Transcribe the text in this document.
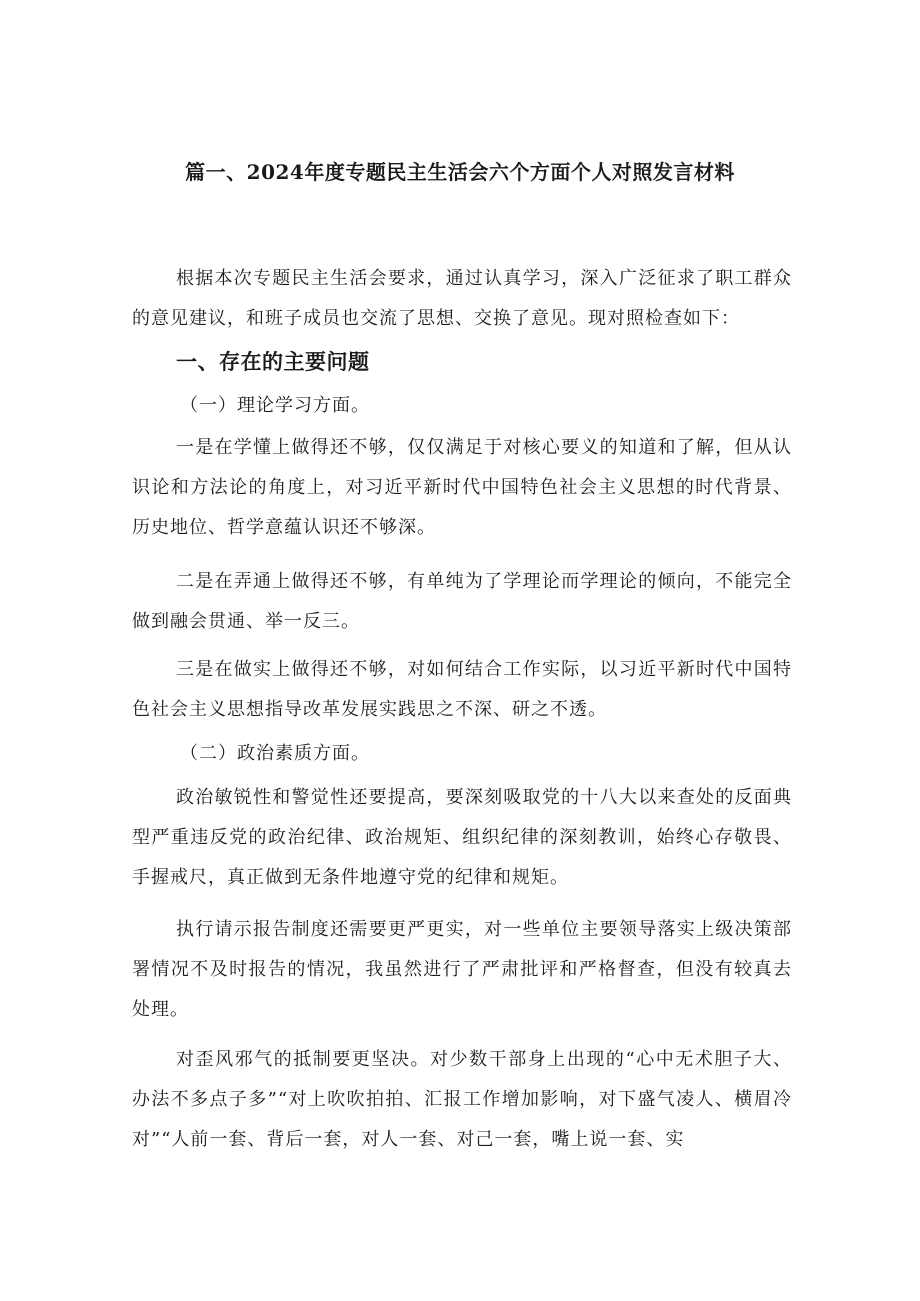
篇一、2024年度专题民主生活会六个方面个人对照发言材料

根据本次专题民主生活会要求，通过认真学习，深入广泛征求了职工群众的意见建议，和班子成员也交流了思想、交换了意见。现对照检查如下：

一、存在的主要问题

（一）理论学习方面。

一是在学懂上做得还不够，仅仅满足于对核心要义的知道和了解，但从认识论和方法论的角度上，对习近平新时代中国特色社会主义思想的时代背景、历史地位、哲学意蕴认识还不够深。

二是在弄通上做得还不够，有单纯为了学理论而学理论的倾向，不能完全做到融会贯通、举一反三。

三是在做实上做得还不够，对如何结合工作实际，以习近平新时代中国特色社会主义思想指导改革发展实践思之不深、研之不透。

（二）政治素质方面。

政治敏锐性和警觉性还要提高，要深刻吸取党的十八大以来查处的反面典型严重违反党的政治纪律、政治规矩、组织纪律的深刻教训，始终心存敬畏、手握戒尺，真正做到无条件地遵守党的纪律和规矩。

执行请示报告制度还需要更严更实，对一些单位主要领导落实上级决策部署情况不及时报告的情况，我虽然进行了严肃批评和严格督查，但没有较真去处理。

对歪风邪气的抵制要更坚决。对少数干部身上出现的“心中无术胆子大、办法不多点子多”“对上吹吹拍拍、汇报工作增加影响，对下盛气凌人、横眉冷对”“人前一套、背后一套，对人一套、对己一套，嘴上说一套、实
